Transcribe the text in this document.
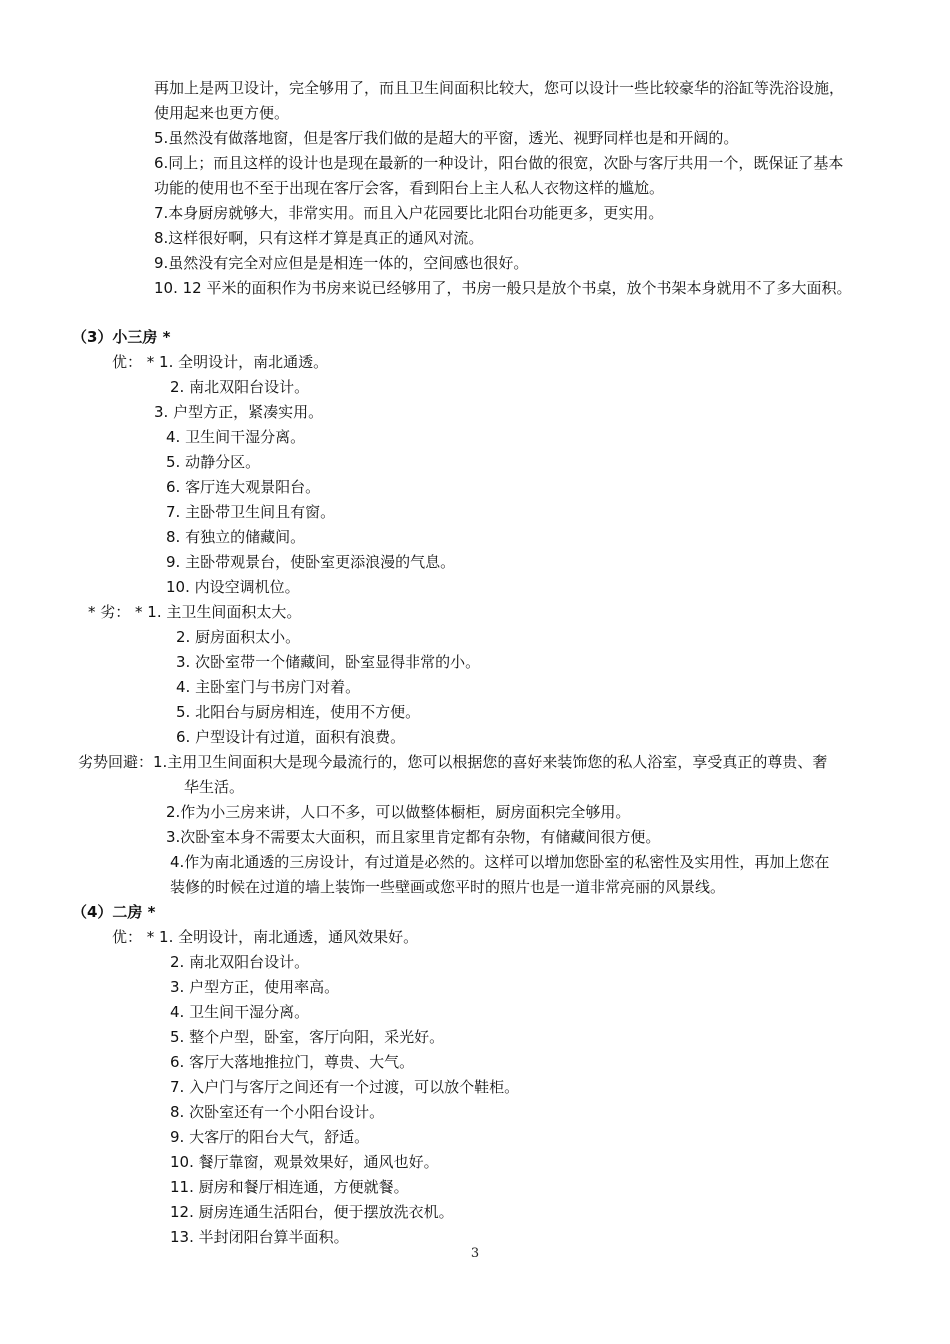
3
再加上是两卫设计，完全够用了，而且卫生间面积比较大，您可以设计一些比较豪华的浴缸等洗浴设施，
使用起来也更方便。
5.虽然没有做落地窗，但是客厅我们做的是超大的平窗，透光、视野同样也是和开阔的。
6.同上；而且这样的设计也是现在最新的一种设计，阳台做的很宽，次卧与客厅共用一个，既保证了基本
功能的使用也不至于出现在客厅会客，看到阳台上主人私人衣物这样的尴尬。
7.本身厨房就够大，非常实用。而且入户花园要比北阳台功能更多，更实用。
8.这样很好啊，只有这样才算是真正的通风对流。
9.虽然没有完全对应但是是相连一体的，空间感也很好。
10. 12 平米的面积作为书房来说已经够用了，书房一般只是放个书桌，放个书架本身就用不了多大面积。
（3）小三房 *
优： * 1. 全明设计，南北通透。
2. 南北双阳台设计。
3. 户型方正，紧凑实用。
4. 卫生间干湿分离。
5. 动静分区。
6. 客厅连大观景阳台。
7. 主卧带卫生间且有窗。
8. 有独立的储藏间。
9. 主卧带观景台，使卧室更添浪漫的气息。
10. 内设空调机位。
* 劣： * 1. 主卫生间面积太大。
2. 厨房面积太小。
3. 次卧室带一个储藏间，卧室显得非常的小。
4. 主卧室门与书房门对着。
5. 北阳台与厨房相连，使用不方便。
6. 户型设计有过道，面积有浪费。
劣势回避：1.主用卫生间面积大是现今最流行的，您可以根据您的喜好来装饰您的私人浴室，享受真正的尊贵、奢
华生活。
2.作为小三房来讲，人口不多，可以做整体橱柜，厨房面积完全够用。
3.次卧室本身不需要太大面积，而且家里肯定都有杂物，有储藏间很方便。
4.作为南北通透的三房设计，有过道是必然的。这样可以增加您卧室的私密性及实用性，再加上您在
装修的时候在过道的墙上装饰一些壁画或您平时的照片也是一道非常亮丽的风景线。
（4）二房 *
优： * 1. 全明设计，南北通透，通风效果好。
2. 南北双阳台设计。
3. 户型方正，使用率高。
4. 卫生间干湿分离。
5. 整个户型，卧室，客厅向阳，采光好。
6. 客厅大落地推拉门，尊贵、大气。
7. 入户门与客厅之间还有一个过渡，可以放个鞋柜。
8. 次卧室还有一个小阳台设计。
9. 大客厅的阳台大气，舒适。
10. 餐厅靠窗，观景效果好，通风也好。
11. 厨房和餐厅相连通，方便就餐。
12. 厨房连通生活阳台，便于摆放洗衣机。
13. 半封闭阳台算半面积。
